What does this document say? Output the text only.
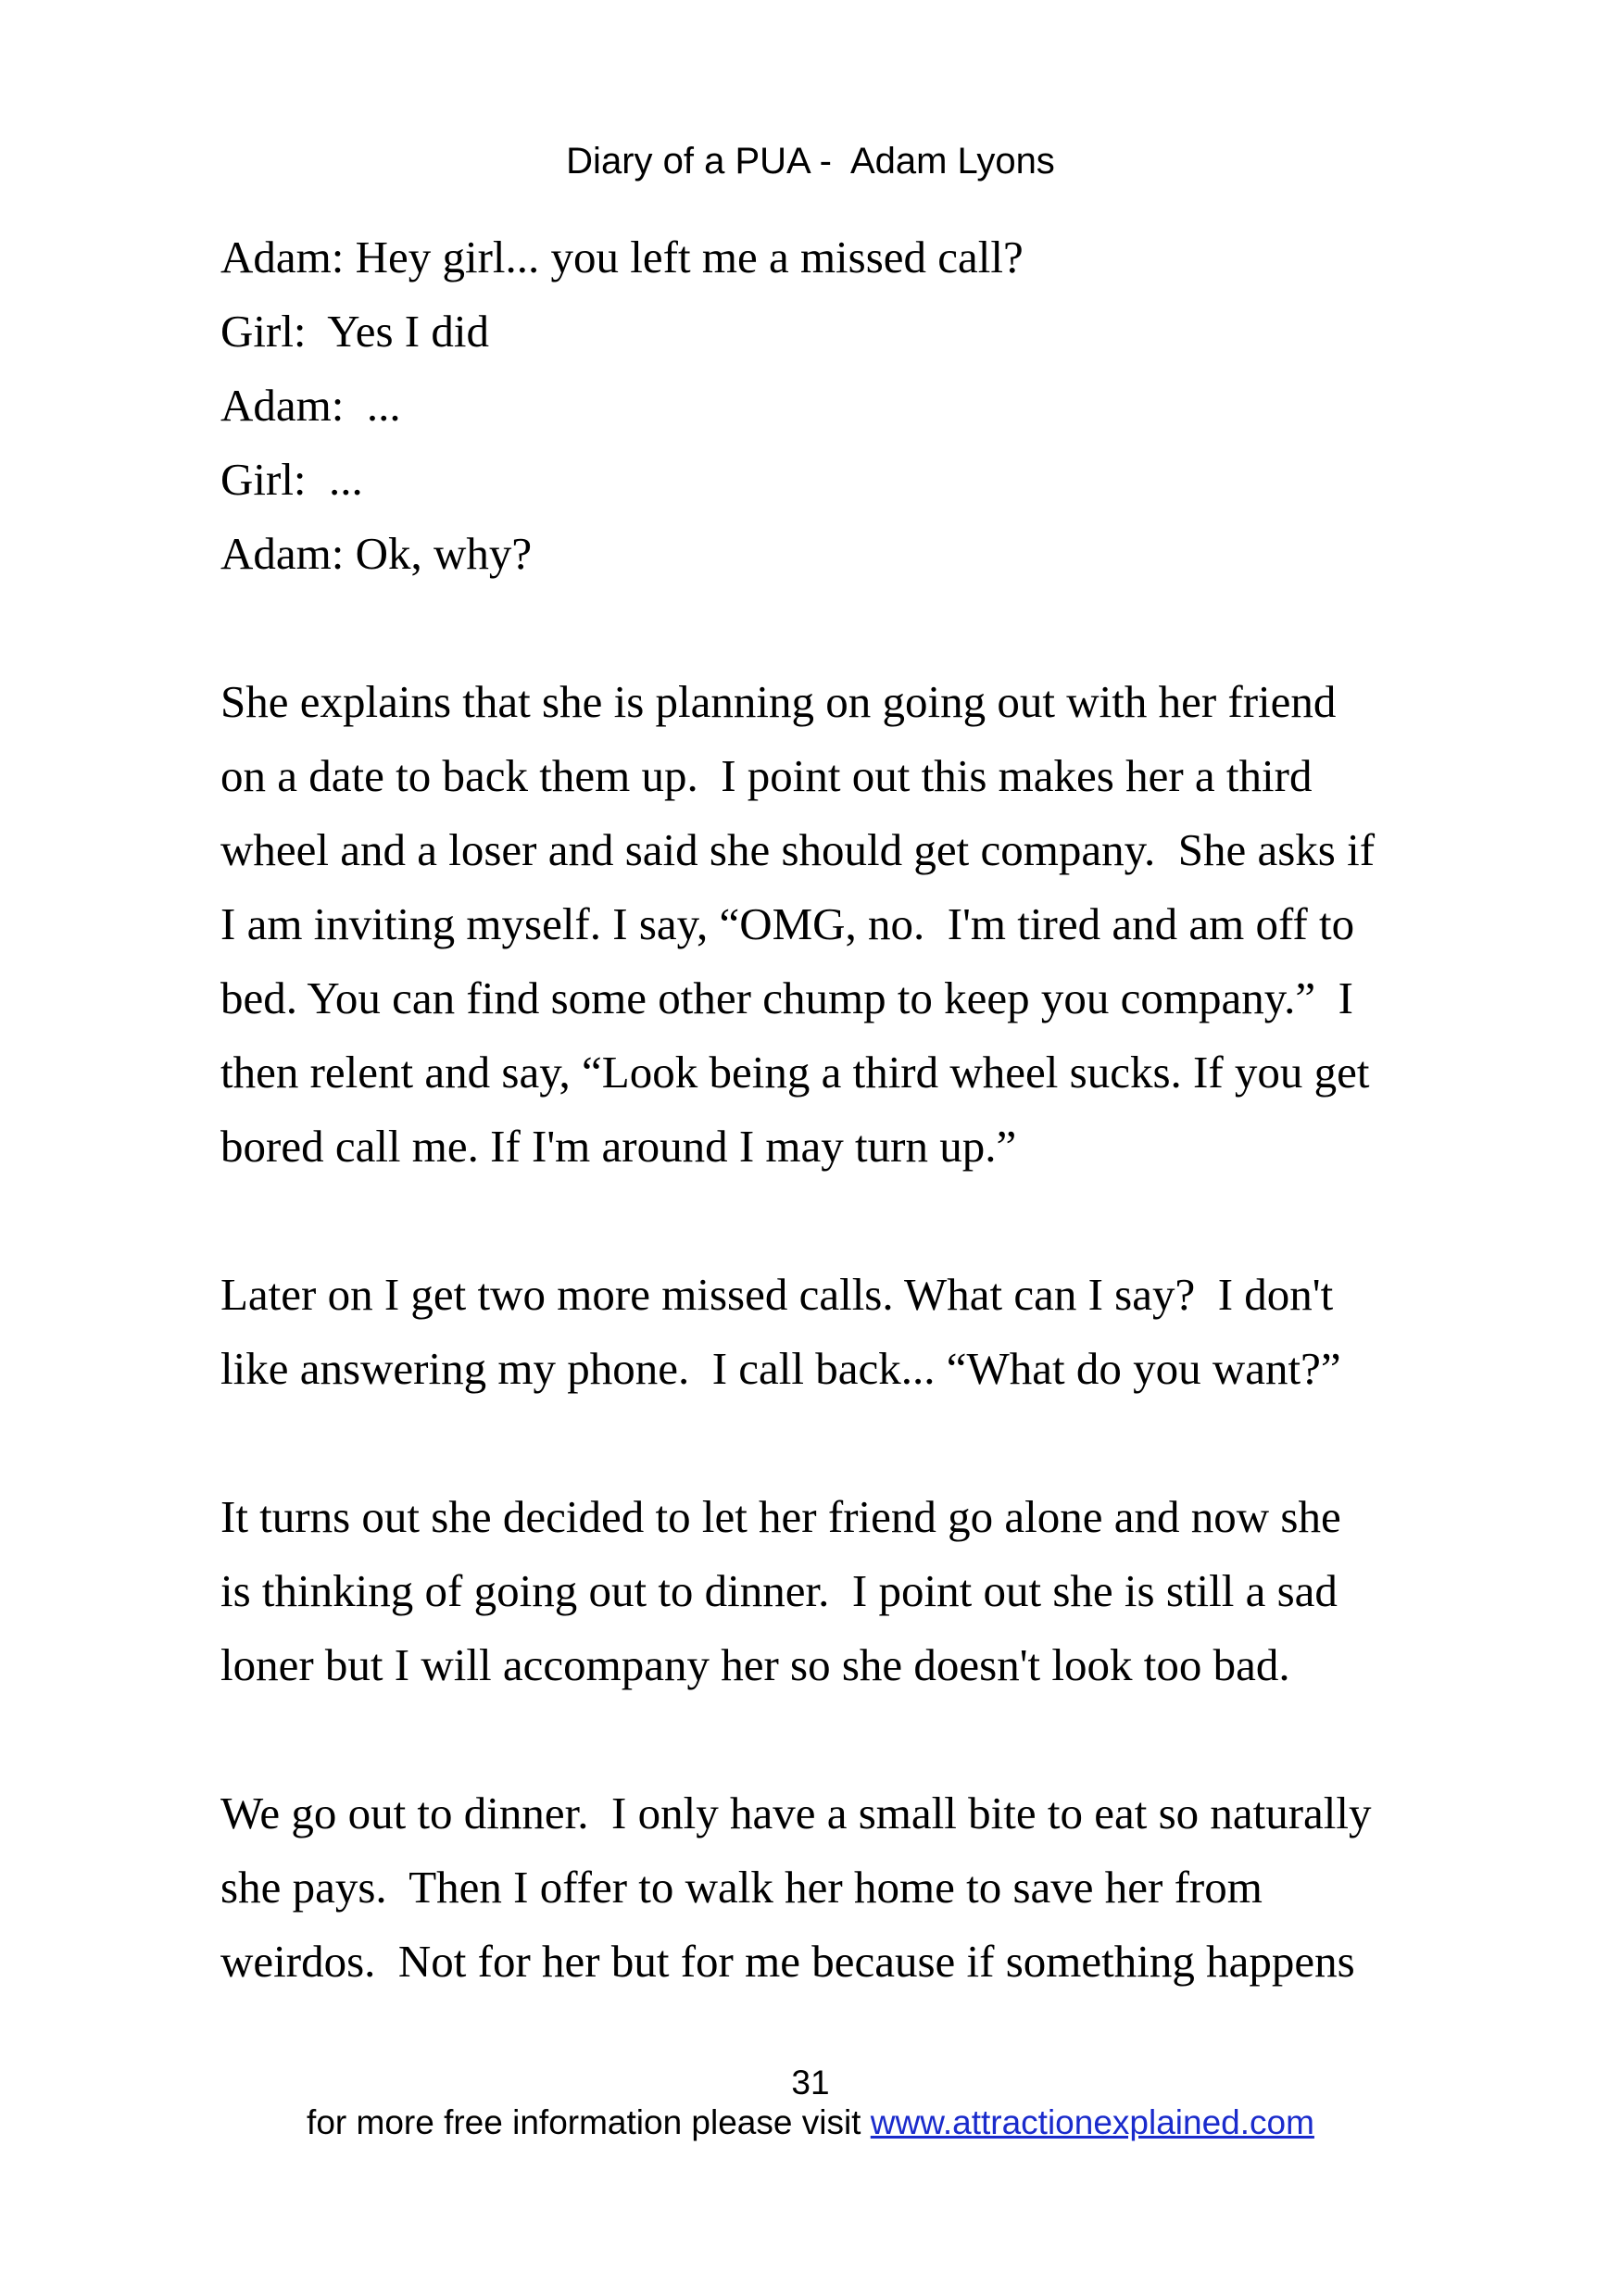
Diary of a PUA -  Adam Lyons
Adam: Hey girl... you left me a missed call?
Girl:  Yes I did
Adam:  ...
Girl:  ...
Adam: Ok, why?
She explains that she is planning on going out with her friend
on a date to back them up.  I point out this makes her a third
wheel and a loser and said she should get company.  She asks if
I am inviting myself. I say, “OMG, no.  I'm tired and am off to
bed. You can find some other chump to keep you company.”  I
then relent and say, “Look being a third wheel sucks. If you get
bored call me. If I'm around I may turn up.”
Later on I get two more missed calls. What can I say?  I don't
like answering my phone.  I call back... “What do you want?”
It turns out she decided to let her friend go alone and now she
is thinking of going out to dinner.  I point out she is still a sad
loner but I will accompany her so she doesn't look too bad.
We go out to dinner.  I only have a small bite to eat so naturally
she pays.  Then I offer to walk her home to save her from
weirdos.  Not for her but for me because if something happens
31
for more free information please visit www.attractionexplained.com
